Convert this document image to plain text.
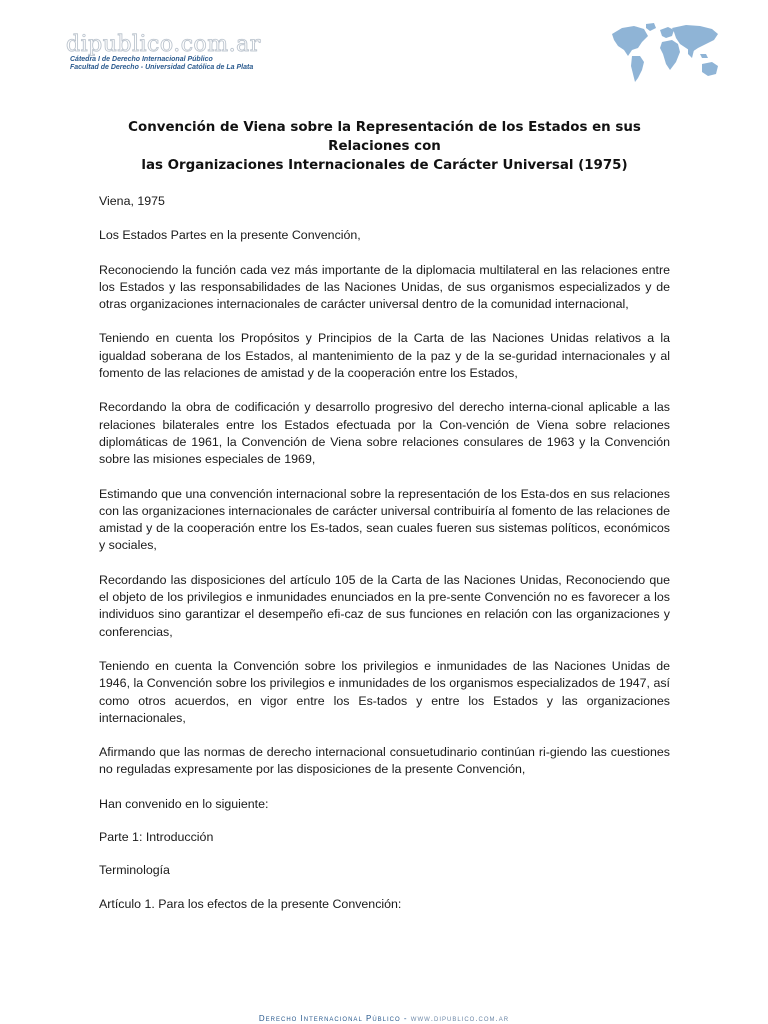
dipublico.com.ar
Cátedra I de Derecho Internacional Público
Facultad de Derecho - Universidad Católica de La Plata
Convención de Viena sobre la Representación de los Estados en sus Relaciones con
las Organizaciones Internacionales de Carácter Universal (1975)

Viena, 1975

Los Estados Partes en la presente Convención,

Reconociendo la función cada vez más importante de la diplomacia multilateral en las relaciones entre los Estados y las responsabilidades de las Naciones Unidas, de sus organismos especializados y de otras organizaciones internacionales de carácter universal dentro de la comunidad internacional,

Teniendo en cuenta los Propósitos y Principios de la Carta de las Naciones Unidas relativos a la igualdad soberana de los Estados, al mantenimiento de la paz y de la se-guridad internacionales y al fomento de las relaciones de amistad y de la cooperación entre los Estados,

Recordando la obra de codificación y desarrollo progresivo del derecho interna-cional aplicable a las relaciones bilaterales entre los Estados efectuada por la Con-vención de Viena sobre relaciones diplomáticas de 1961, la Convención de Viena sobre relaciones consulares de 1963 y la Convención sobre las misiones especiales de 1969,

Estimando que una convención internacional sobre la representación de los Esta-dos en sus relaciones con las organizaciones internacionales de carácter universal contribuiría al fomento de las relaciones de amistad y de la cooperación entre los Es-tados, sean cuales fueren sus sistemas políticos, económicos y sociales,

Recordando las disposiciones del artículo 105 de la Carta de las Naciones Unidas, Reconociendo que el objeto de los privilegios e inmunidades enunciados en la pre-sente Convención no es favorecer a los individuos sino garantizar el desempeño efi-caz de sus funciones en relación con las organizaciones y conferencias,

Teniendo en cuenta la Convención sobre los privilegios e inmunidades de las Naciones Unidas de 1946, la Convención sobre los privilegios e inmunidades de los organismos especializados de 1947, así como otros acuerdos, en vigor entre los Es-tados y entre los Estados y las organizaciones internacionales,

Afirmando que las normas de derecho internacional consuetudinario continúan ri-giendo las cuestiones no reguladas expresamente por las disposiciones de la presente Convención,

Han convenido en lo siguiente:

Parte 1: Introducción

Terminología

Artículo 1. Para los efectos de la presente Convención:

Derecho Internacional Público - www.dipublico.com.ar
